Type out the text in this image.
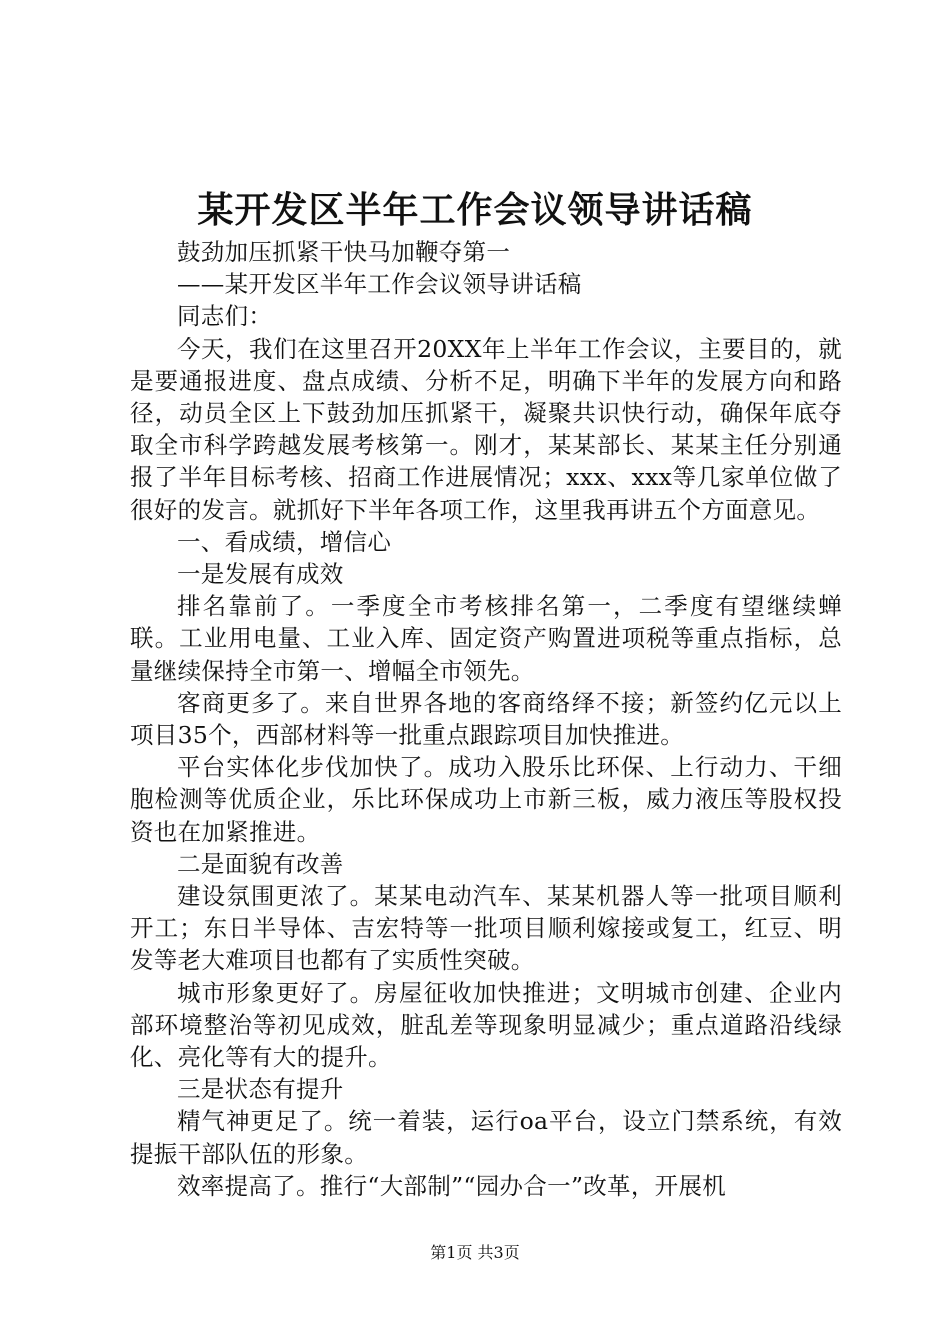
某开发区半年工作会议领导讲话稿

鼓劲加压抓紧干快马加鞭夺第一

——某开发区半年工作会议领导讲话稿

同志们：

今天，我们在这里召开20XX年上半年工作会议，主要目的，就是要通报进度、盘点成绩、分析不足，明确下半年的发展方向和路径，动员全区上下鼓劲加压抓紧干，凝聚共识快行动，确保年底夺取全市科学跨越发展考核第一。刚才，某某部长、某某主任分别通报了半年目标考核、招商工作进展情况；xxx、xxx等几家单位做了很好的发言。就抓好下半年各项工作，这里我再讲五个方面意见。

一、看成绩，增信心

一是发展有成效

排名靠前了。一季度全市考核排名第一，二季度有望继续蝉联。工业用电量、工业入库、固定资产购置进项税等重点指标，总量继续保持全市第一、增幅全市领先。

客商更多了。来自世界各地的客商络绎不接；新签约亿元以上项目35个，西部材料等一批重点跟踪项目加快推进。

平台实体化步伐加快了。成功入股乐比环保、上行动力、干细胞检测等优质企业，乐比环保成功上市新三板，威力液压等股权投资也在加紧推进。

二是面貌有改善

建设氛围更浓了。某某电动汽车、某某机器人等一批项目顺利开工；东日半导体、吉宏特等一批项目顺利嫁接或复工，红豆、明发等老大难项目也都有了实质性突破。

城市形象更好了。房屋征收加快推进；文明城市创建、企业内部环境整治等初见成效，脏乱差等现象明显减少；重点道路沿线绿化、亮化等有大的提升。

三是状态有提升

精气神更足了。统一着装，运行oa平台，设立门禁系统，有效提振干部队伍的形象。

效率提高了。推行“大部制”“园办合一”改革，开展机

第1页 共3页
